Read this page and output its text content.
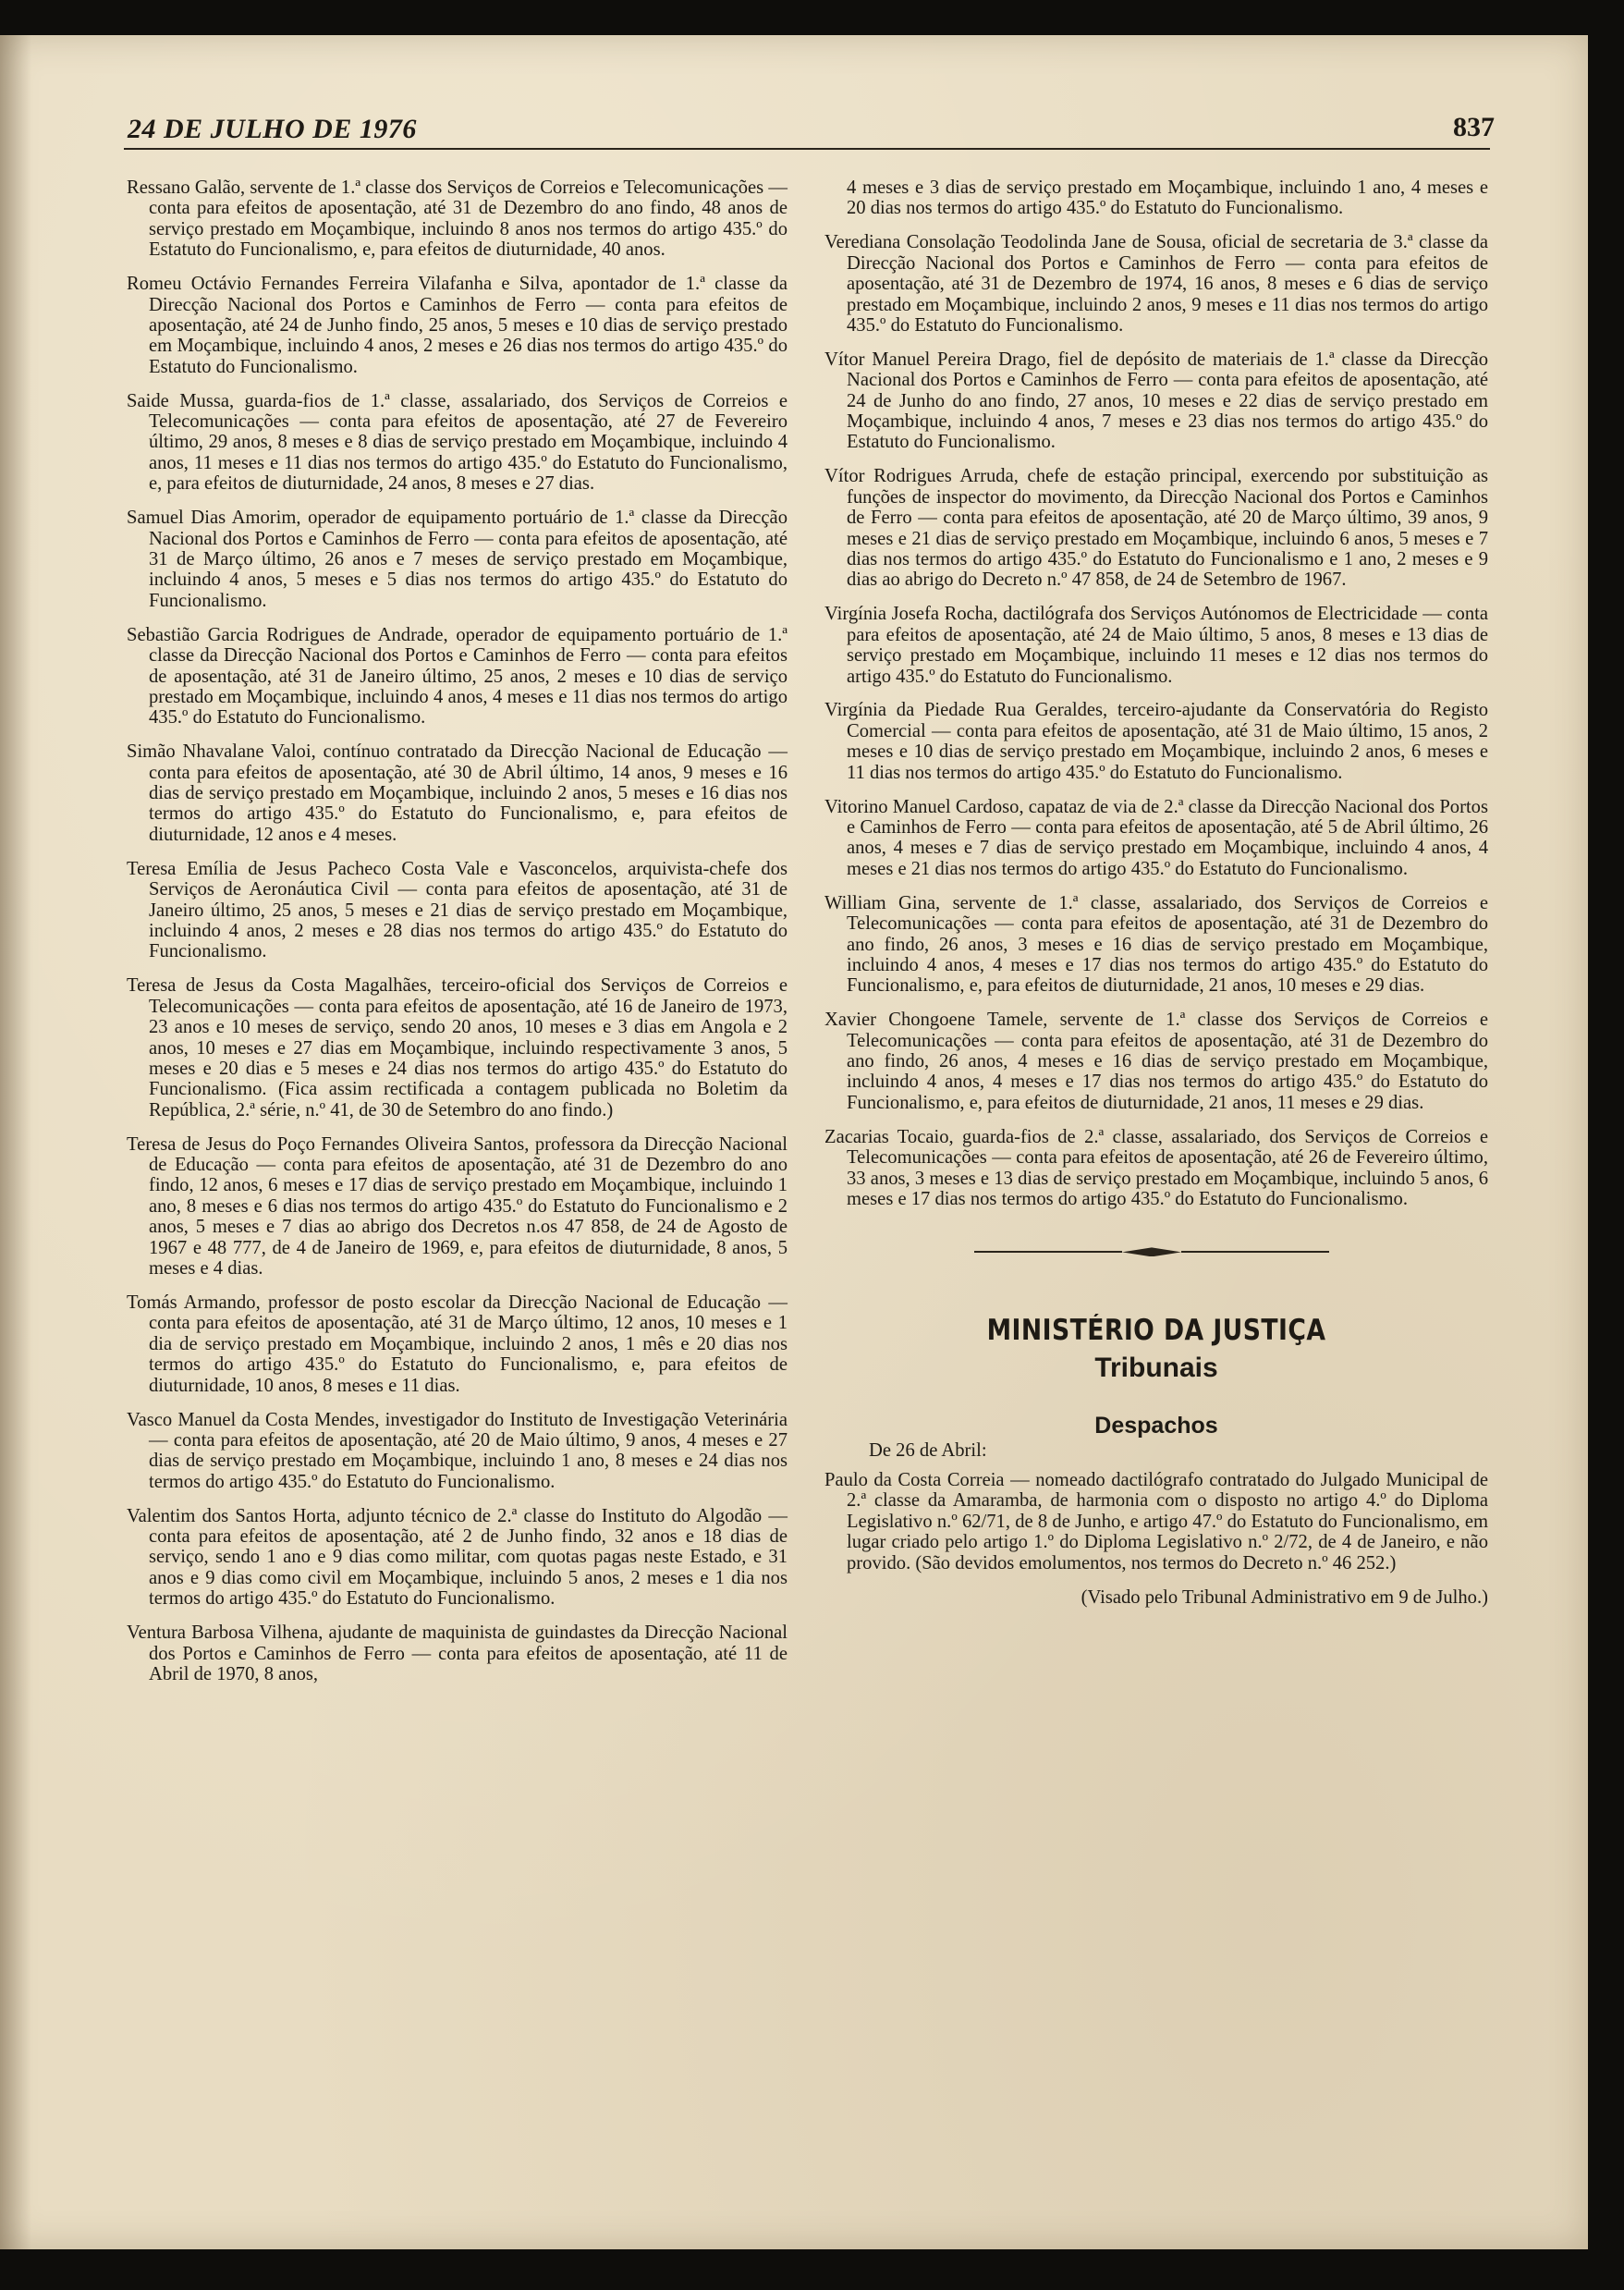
24 DE JULHO DE 1976	837

Ressano Galão, servente de 1.ª classe dos Serviços de Correios e Telecomunicações — conta para efeitos de aposentação, até 31 de Dezembro do ano findo, 48 anos de serviço prestado em Moçambique, incluindo 8 anos nos termos do artigo 435.º do Estatuto do Funcionalismo, e, para efeitos de diuturnidade, 40 anos.

Romeu Octávio Fernandes Ferreira Vilafanha e Silva, apontador de 1.ª classe da Direcção Nacional dos Portos e Caminhos de Ferro — conta para efeitos de aposentação, até 24 de Junho findo, 25 anos, 5 meses e 10 dias de serviço prestado em Moçambique, incluindo 4 anos, 2 meses e 26 dias nos termos do artigo 435.º do Estatuto do Funcionalismo.

Saide Mussa, guarda-fios de 1.ª classe, assalariado, dos Serviços de Correios e Telecomunicações — conta para efeitos de aposentação, até 27 de Fevereiro último, 29 anos, 8 meses e 8 dias de serviço prestado em Moçambique, incluindo 4 anos, 11 meses e 11 dias nos termos do artigo 435.º do Estatuto do Funcionalismo, e, para efeitos de diuturnidade, 24 anos, 8 meses e 27 dias.

Samuel Dias Amorim, operador de equipamento portuário de 1.ª classe da Direcção Nacional dos Portos e Caminhos de Ferro — conta para efeitos de aposentação, até 31 de Março último, 26 anos e 7 meses de serviço prestado em Moçambique, incluindo 4 anos, 5 meses e 5 dias nos termos do artigo 435.º do Estatuto do Funcionalismo.

Sebastião Garcia Rodrigues de Andrade, operador de equipamento portuário de 1.ª classe da Direcção Nacional dos Portos e Caminhos de Ferro — conta para efeitos de aposentação, até 31 de Janeiro último, 25 anos, 2 meses e 10 dias de serviço prestado em Moçambique, incluindo 4 anos, 4 meses e 11 dias nos termos do artigo 435.º do Estatuto do Funcionalismo.

Simão Nhavalane Valoi, contínuo contratado da Direcção Nacional de Educação — conta para efeitos de aposentação, até 30 de Abril último, 14 anos, 9 meses e 16 dias de serviço prestado em Moçambique, incluindo 2 anos, 5 meses e 16 dias nos termos do artigo 435.º do Estatuto do Funcionalismo, e, para efeitos de diuturnidade, 12 anos e 4 meses.

Teresa Emília de Jesus Pacheco Costa Vale e Vasconcelos, arquivista-chefe dos Serviços de Aeronáutica Civil — conta para efeitos de aposentação, até 31 de Janeiro último, 25 anos, 5 meses e 21 dias de serviço prestado em Moçambique, incluindo 4 anos, 2 meses e 28 dias nos termos do artigo 435.º do Estatuto do Funcionalismo.

Teresa de Jesus da Costa Magalhães, terceiro-oficial dos Serviços de Correios e Telecomunicações — conta para efeitos de aposentação, até 16 de Janeiro de 1973, 23 anos e 10 meses de serviço, sendo 20 anos, 10 meses e 3 dias em Angola e 2 anos, 10 meses e 27 dias em Moçambique, incluindo respectivamente 3 anos, 5 meses e 20 dias e 5 meses e 24 dias nos termos do artigo 435.º do Estatuto do Funcionalismo. (Fica assim rectificada a contagem publicada no Boletim da República, 2.ª série, n.º 41, de 30 de Setembro do ano findo.)

Teresa de Jesus do Poço Fernandes Oliveira Santos, professora da Direcção Nacional de Educação — conta para efeitos de aposentação, até 31 de Dezembro do ano findo, 12 anos, 6 meses e 17 dias de serviço prestado em Moçambique, incluindo 1 ano, 8 meses e 6 dias nos termos do artigo 435.º do Estatuto do Funcionalismo e 2 anos, 5 meses e 7 dias ao abrigo dos Decretos n.os 47 858, de 24 de Agosto de 1967 e 48 777, de 4 de Janeiro de 1969, e, para efeitos de diuturnidade, 8 anos, 5 meses e 4 dias.

Tomás Armando, professor de posto escolar da Direcção Nacional de Educação — conta para efeitos de aposentação, até 31 de Março último, 12 anos, 10 meses e 1 dia de serviço prestado em Moçambique, incluindo 2 anos, 1 mês e 20 dias nos termos do artigo 435.º do Estatuto do Funcionalismo, e, para efeitos de diuturnidade, 10 anos, 8 meses e 11 dias.

Vasco Manuel da Costa Mendes, investigador do Instituto de Investigação Veterinária — conta para efeitos de aposentação, até 20 de Maio último, 9 anos, 4 meses e 27 dias de serviço prestado em Moçambique, incluindo 1 ano, 8 meses e 24 dias nos termos do artigo 435.º do Estatuto do Funcionalismo.

Valentim dos Santos Horta, adjunto técnico de 2.ª classe do Instituto do Algodão — conta para efeitos de aposentação, até 2 de Junho findo, 32 anos e 18 dias de serviço, sendo 1 ano e 9 dias como militar, com quotas pagas neste Estado, e 31 anos e 9 dias como civil em Moçambique, incluindo 5 anos, 2 meses e 1 dia nos termos do artigo 435.º do Estatuto do Funcionalismo.

Ventura Barbosa Vilhena, ajudante de maquinista de guindastes da Direcção Nacional dos Portos e Caminhos de Ferro — conta para efeitos de aposentação, até 11 de Abril de 1970, 8 anos,

4 meses e 3 dias de serviço prestado em Moçambique, incluindo 1 ano, 4 meses e 20 dias nos termos do artigo 435.º do Estatuto do Funcionalismo.

Verediana Consolação Teodolinda Jane de Sousa, oficial de secretaria de 3.ª classe da Direcção Nacional dos Portos e Caminhos de Ferro — conta para efeitos de aposentação, até 31 de Dezembro de 1974, 16 anos, 8 meses e 6 dias de serviço prestado em Moçambique, incluindo 2 anos, 9 meses e 11 dias nos termos do artigo 435.º do Estatuto do Funcionalismo.

Vítor Manuel Pereira Drago, fiel de depósito de materiais de 1.ª classe da Direcção Nacional dos Portos e Caminhos de Ferro — conta para efeitos de aposentação, até 24 de Junho do ano findo, 27 anos, 10 meses e 22 dias de serviço prestado em Moçambique, incluindo 4 anos, 7 meses e 23 dias nos termos do artigo 435.º do Estatuto do Funcionalismo.

Vítor Rodrigues Arruda, chefe de estação principal, exercendo por substituição as funções de inspector do movimento, da Direcção Nacional dos Portos e Caminhos de Ferro — conta para efeitos de aposentação, até 20 de Março último, 39 anos, 9 meses e 21 dias de serviço prestado em Moçambique, incluindo 6 anos, 5 meses e 7 dias nos termos do artigo 435.º do Estatuto do Funcionalismo e 1 ano, 2 meses e 9 dias ao abrigo do Decreto n.º 47 858, de 24 de Setembro de 1967.

Virgínia Josefa Rocha, dactilógrafa dos Serviços Autónomos de Electricidade — conta para efeitos de aposentação, até 24 de Maio último, 5 anos, 8 meses e 13 dias de serviço prestado em Moçambique, incluindo 11 meses e 12 dias nos termos do artigo 435.º do Estatuto do Funcionalismo.

Virgínia da Piedade Rua Geraldes, terceiro-ajudante da Conservatória do Registo Comercial — conta para efeitos de aposentação, até 31 de Maio último, 15 anos, 2 meses e 10 dias de serviço prestado em Moçambique, incluindo 2 anos, 6 meses e 11 dias nos termos do artigo 435.º do Estatuto do Funcionalismo.

Vitorino Manuel Cardoso, capataz de via de 2.ª classe da Direcção Nacional dos Portos e Caminhos de Ferro — conta para efeitos de aposentação, até 5 de Abril último, 26 anos, 4 meses e 7 dias de serviço prestado em Moçambique, incluindo 4 anos, 4 meses e 21 dias nos termos do artigo 435.º do Estatuto do Funcionalismo.

William Gina, servente de 1.ª classe, assalariado, dos Serviços de Correios e Telecomunicações — conta para efeitos de aposentação, até 31 de Dezembro do ano findo, 26 anos, 3 meses e 16 dias de serviço prestado em Moçambique, incluindo 4 anos, 4 meses e 17 dias nos termos do artigo 435.º do Estatuto do Funcionalismo, e, para efeitos de diuturnidade, 21 anos, 10 meses e 29 dias.

Xavier Chongoene Tamele, servente de 1.ª classe dos Serviços de Correios e Telecomunicações — conta para efeitos de aposentação, até 31 de Dezembro do ano findo, 26 anos, 4 meses e 16 dias de serviço prestado em Moçambique, incluindo 4 anos, 4 meses e 17 dias nos termos do artigo 435.º do Estatuto do Funcionalismo, e, para efeitos de diuturnidade, 21 anos, 11 meses e 29 dias.

Zacarias Tocaio, guarda-fios de 2.ª classe, assalariado, dos Serviços de Correios e Telecomunicações — conta para efeitos de aposentação, até 26 de Fevereiro último, 33 anos, 3 meses e 13 dias de serviço prestado em Moçambique, incluindo 5 anos, 6 meses e 17 dias nos termos do artigo 435.º do Estatuto do Funcionalismo.

MINISTÉRIO DA JUSTIÇA
Tribunais
Despachos
De 26 de Abril:

Paulo da Costa Correia — nomeado dactilógrafo contratado do Julgado Municipal de 2.ª classe da Amaramba, de harmonia com o disposto no artigo 4.º do Diploma Legislativo n.º 62/71, de 8 de Junho, e artigo 47.º do Estatuto do Funcionalismo, em lugar criado pelo artigo 1.º do Diploma Legislativo n.º 2/72, de 4 de Janeiro, e não provido. (São devidos emolumentos, nos termos do Decreto n.º 46 252.)

(Visado pelo Tribunal Administrativo em 9 de Julho.)
